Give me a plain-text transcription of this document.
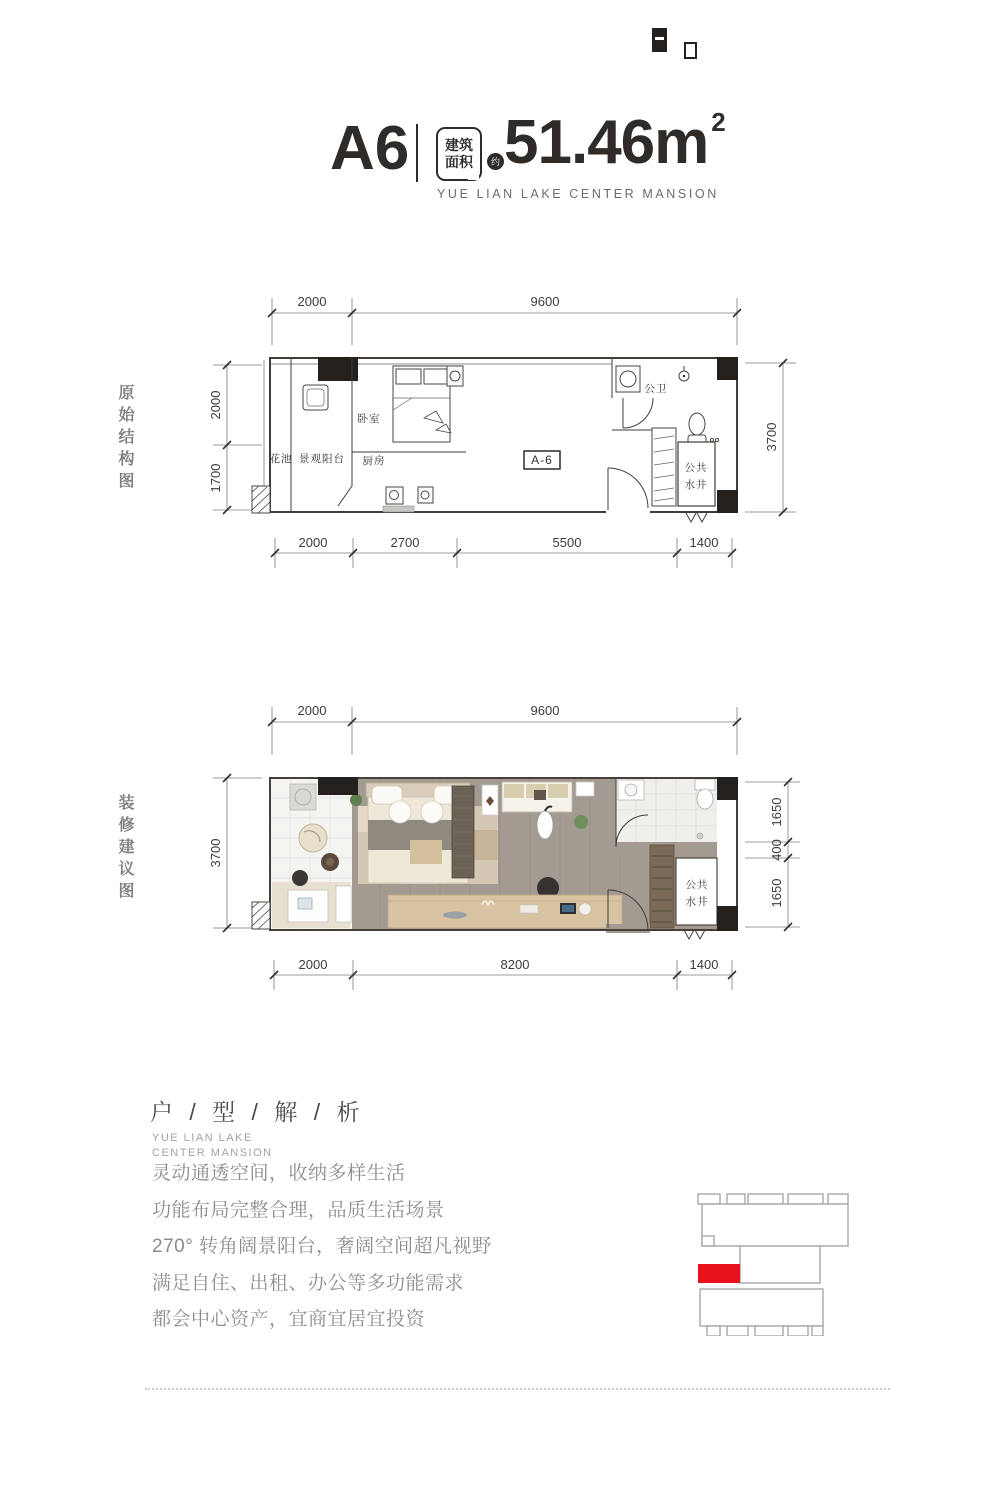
A6	建筑
面积	约 51.46m $^2$
YUE LIAN LAKE CENTER MANSION
原始结构图
装修建议图
2000	9600
2000
1700
3700
2000	2700	5500	1400
公共
水井
A-6
花池 景观阳台
卧室
厨房
公卫
2000	9600
3700
1650
400
1650
2000	8200	1400
公共
水井
户 / 型 / 解 / 析
YUE LIAN LAKE
CENTER MANSION
灵动通透空间，收纳多样生活
功能布局完整合理，品质生活场景
270° 转角阔景阳台，奢阔空间超凡视野
满足自住、出租、办公等多功能需求
都会中心资产，宜商宜居宜投资
